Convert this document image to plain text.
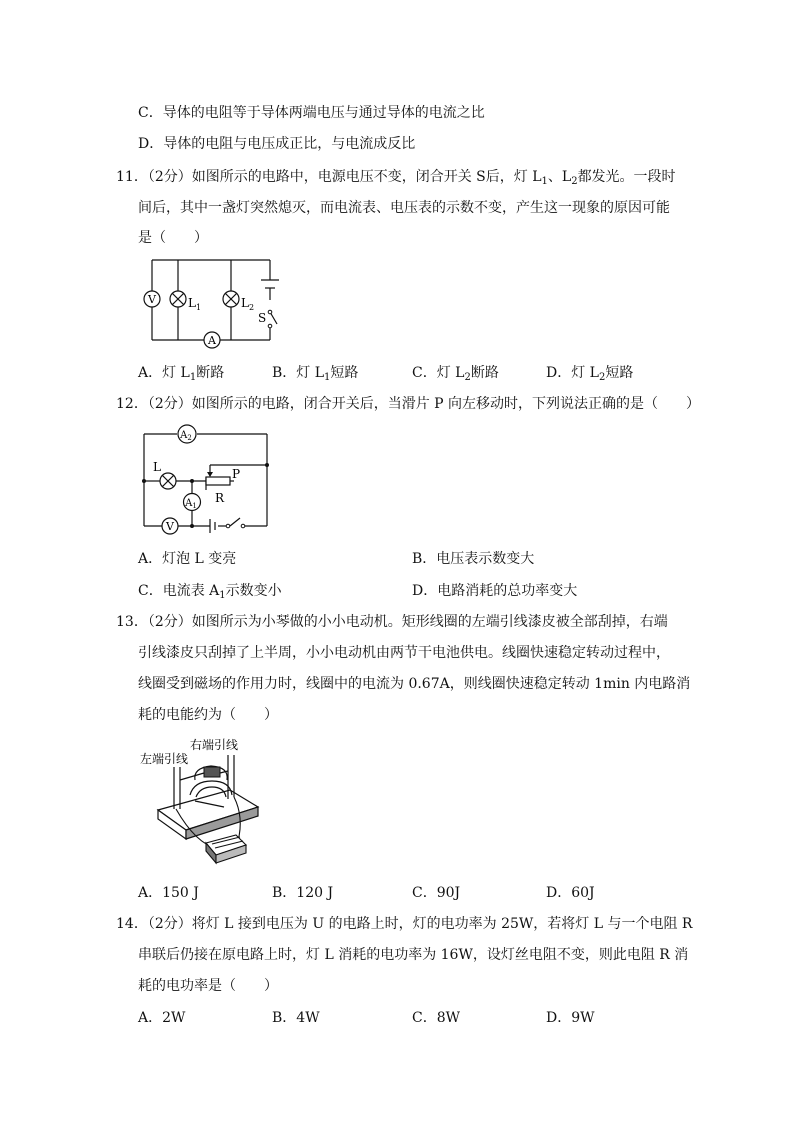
C．导体的电阻等于导体两端电压与通过导体的电流之比
D．导体的电阻与电压成正比，与电流成反比
11．（2分）如图所示的电路中，电源电压不变，闭合开关 S后，灯 $L_1$、$L_2$都发光。一段时
间后，其中一盏灯突然熄灭，而电流表、电压表的示数不变，产生这一现象的原因可能
是（　　）
V	$L_1$	$L_2$
S
A
A．灯 $L_1$断路	B．灯 $L_1$短路	C．灯 $L_2$断路	D．灯 $L_2$短路
12．（2分）如图所示的电路，闭合开关后，当滑片 P 向左移动时，下列说法正确的是（　　）
$A_2$
L	P
R
$A_1$
V
A．灯泡 L 变亮	B．电压表示数变大
C．电流表 $A_1$示数变小	D．电路消耗的总功率变大
13．（2分）如图所示为小琴做的小小电动机。矩形线圈的左端引线漆皮被全部刮掉，右端
引线漆皮只刮掉了上半周，小小电动机由两节干电池供电。线圈快速稳定转动过程中，
线圈受到磁场的作用力时，线圈中的电流为 0.67A，则线圈快速稳定转动 1min 内电路消
耗的电能约为（　　）
左端引线
右端引线
A．150 J	B．120 J	C．90J	D．60J
14．（2分）将灯 L 接到电压为 U 的电路上时，灯的电功率为 25W，若将灯 L 与一个电阻 R
串联后仍接在原电路上时，灯 L 消耗的电功率为 16W，设灯丝电阻不变，则此电阻 R 消
耗的电功率是（　　）
A．2W	B．4W	C．8W	D．9W
